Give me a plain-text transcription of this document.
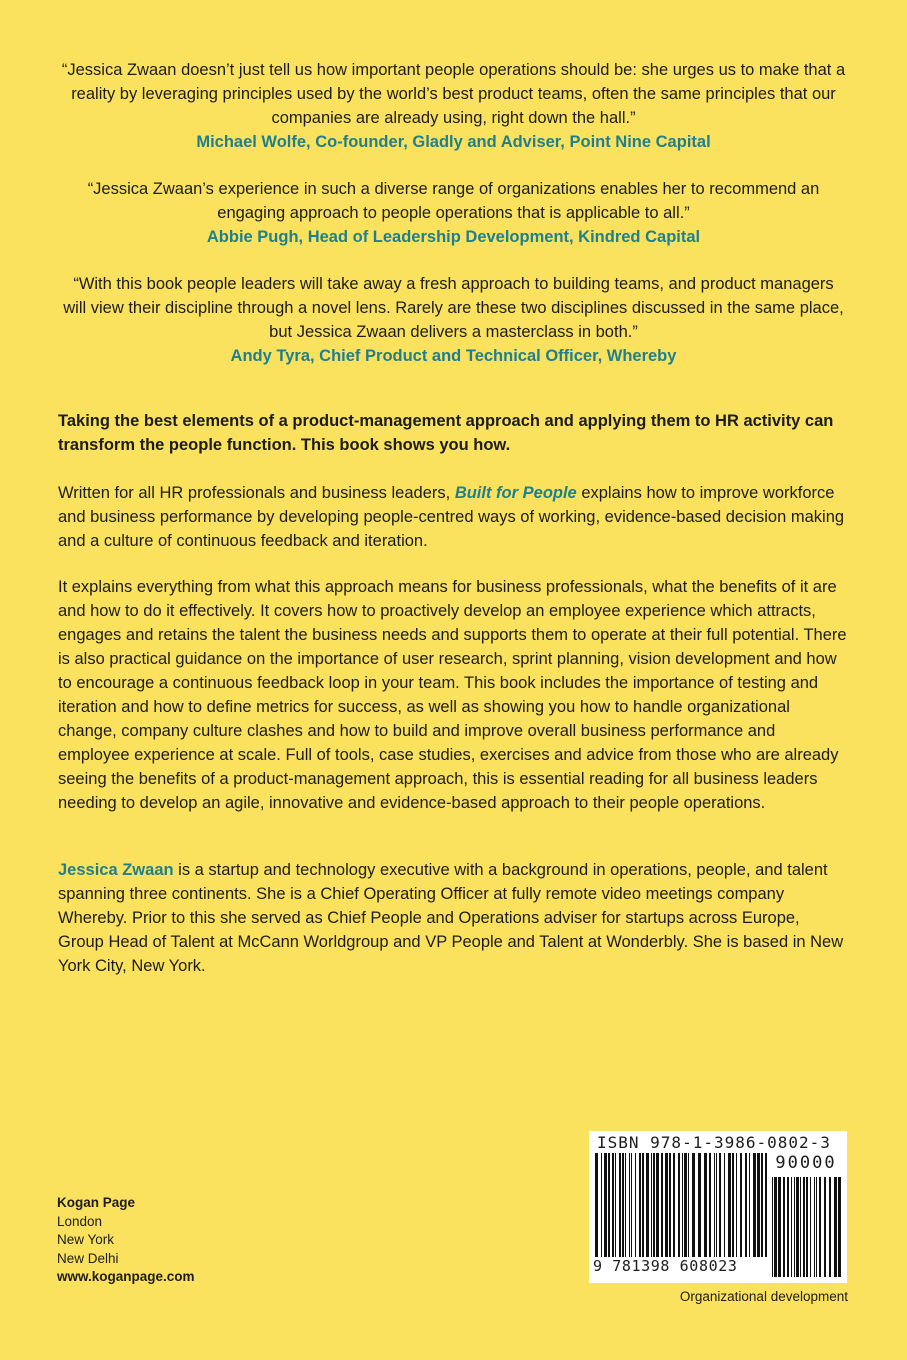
“Jessica Zwaan doesn’t just tell us how important people operations should be: she urges us to make that a reality by leveraging principles used by the world’s best product teams, often the same principles that our companies are already using, right down the hall.”
Michael Wolfe, Co-founder, Gladly and Adviser, Point Nine Capital
“Jessica Zwaan’s experience in such a diverse range of organizations enables her to recommend an engaging approach to people operations that is applicable to all.”
Abbie Pugh, Head of Leadership Development, Kindred Capital
“With this book people leaders will take away a fresh approach to building teams, and product managers will view their discipline through a novel lens. Rarely are these two disciplines discussed in the same place, but Jessica Zwaan delivers a masterclass in both.”
Andy Tyra, Chief Product and Technical Officer, Whereby

Taking the best elements of a product-management approach and applying them to HR activity can transform the people function. This book shows you how.

Written for all HR professionals and business leaders, Built for People explains how to improve workforce and business performance by developing people-centred ways of working, evidence-based decision making and a culture of continuous feedback and iteration.

It explains everything from what this approach means for business professionals, what the benefits of it are and how to do it effectively. It covers how to proactively develop an employee experience which attracts, engages and retains the talent the business needs and supports them to operate at their full potential. There is also practical guidance on the importance of user research, sprint planning, vision development and how to encourage a continuous feedback loop in your team. This book includes the importance of testing and iteration and how to define metrics for success, as well as showing you how to handle organizational change, company culture clashes and how to build and improve overall business performance and employee experience at scale. Full of tools, case studies, exercises and advice from those who are already seeing the benefits of a product-management approach, this is essential reading for all business leaders needing to develop an agile, innovative and evidence-based approach to their people operations.

Jessica Zwaan is a startup and technology executive with a background in operations, people, and talent spanning three continents. She is a Chief Operating Officer at fully remote video meetings company Whereby. Prior to this she served as Chief People and Operations adviser for startups across Europe, Group Head of Talent at McCann Worldgroup and VP People and Talent at Wonderbly. She is based in New York City, New York.

Kogan Page
London
New York
New Delhi
www.koganpage.com
ISBN 978-1-3986-0802-3
90000
9 781398 608023
Organizational development
